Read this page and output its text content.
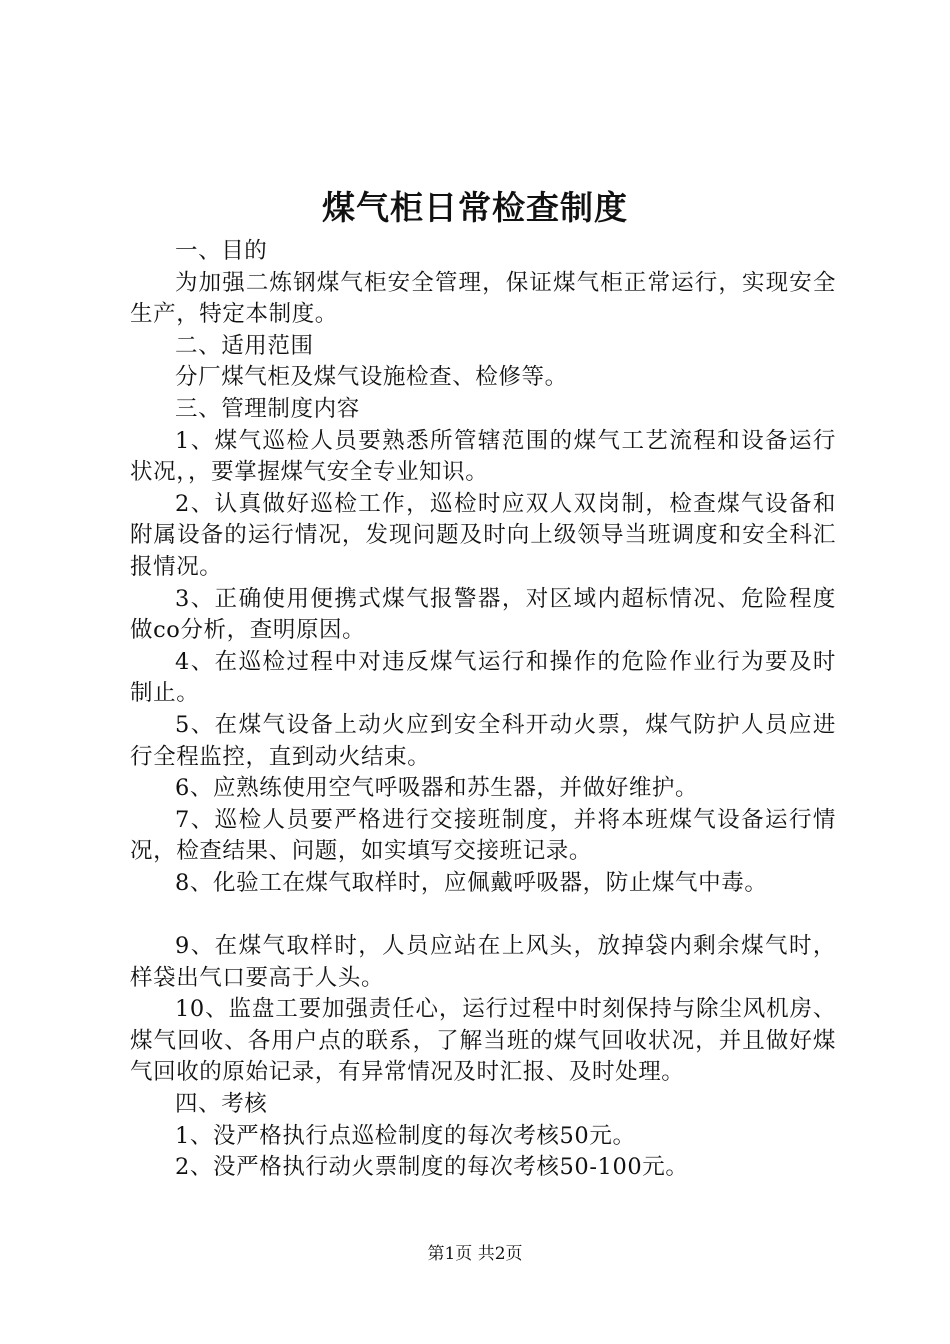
煤气柜日常检查制度

一、目的

为加强二炼钢煤气柜安全管理，保证煤气柜正常运行，实现安全生产，特定本制度。

二、适用范围

分厂煤气柜及煤气设施检查、检修等。

三、管理制度内容

1、煤气巡检人员要熟悉所管辖范围的煤气工艺流程和设备运行状况，，要掌握煤气安全专业知识。

2、认真做好巡检工作，巡检时应双人双岗制，检查煤气设备和附属设备的运行情况，发现问题及时向上级领导当班调度和安全科汇报情况。

3、正确使用便携式煤气报警器，对区域内超标情况、危险程度做co分析，查明原因。

4、在巡检过程中对违反煤气运行和操作的危险作业行为要及时制止。

5、在煤气设备上动火应到安全科开动火票，煤气防护人员应进行全程监控，直到动火结束。

6、应熟练使用空气呼吸器和苏生器，并做好维护。

7、巡检人员要严格进行交接班制度，并将本班煤气设备运行情况，检查结果、问题，如实填写交接班记录。

8、化验工在煤气取样时，应佩戴呼吸器，防止煤气中毒。

9、在煤气取样时，人员应站在上风头，放掉袋内剩余煤气时，样袋出气口要高于人头。

10、监盘工要加强责任心，运行过程中时刻保持与除尘风机房、煤气回收、各用户点的联系，了解当班的煤气回收状况，并且做好煤气回收的原始记录，有异常情况及时汇报、及时处理。

四、考核

1、没严格执行点巡检制度的每次考核50元。

2、没严格执行动火票制度的每次考核50-100元。

第1页 共2页
